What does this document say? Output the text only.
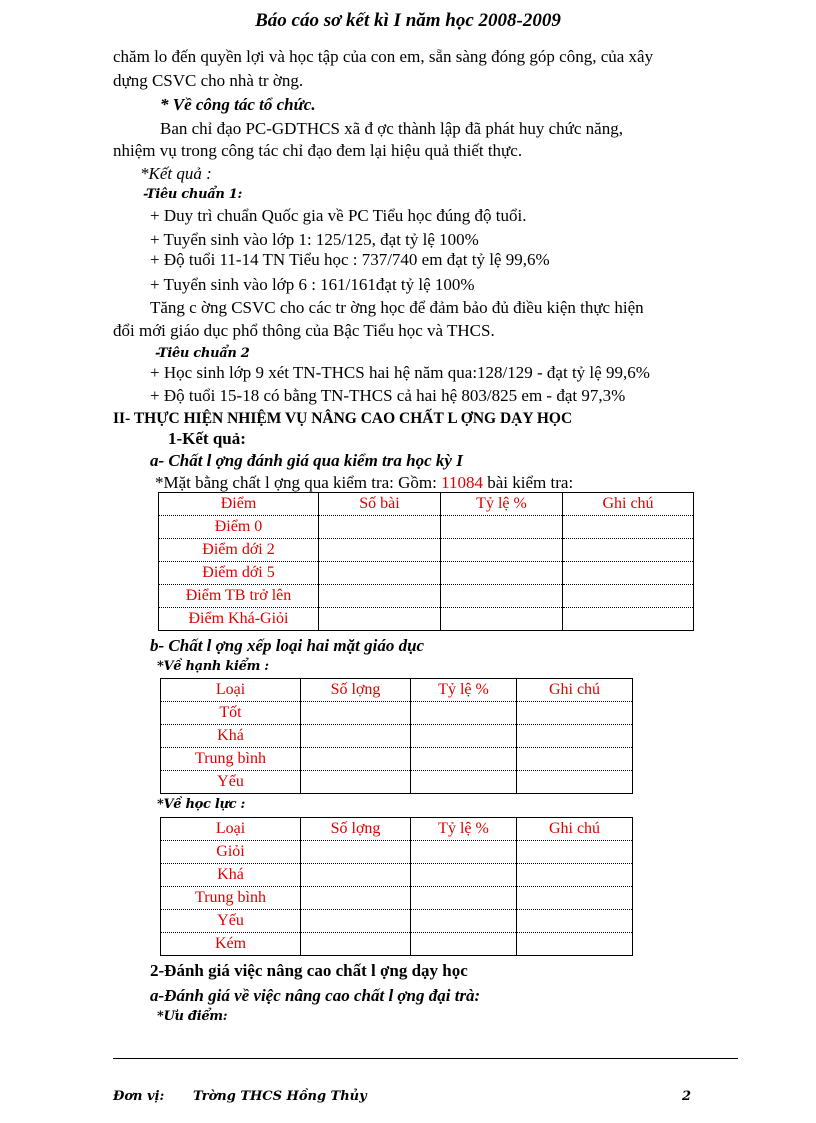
Báo cáo sơ kết kì I năm học 2008-2009
chăm lo đến quyền lợi và học tập của con em, sẵn sàng đóng góp công, của xây
dựng CSVC cho nhà tr ờng.
* Về công tác tổ chức.
Ban chỉ đạo PC-GDTHCS xã đ ợc thành lập đã phát huy chức năng,
nhiệm vụ trong công tác chỉ đạo đem lại hiệu quả thiết thực.
*Kết quả :
-Tiêu chuẩn 1:
+ Duy trì chuẩn Quốc gia về PC Tiểu học đúng độ tuổi.
+ Tuyển sinh vào lớp 1: 125/125, đạt tỷ lệ 100%
+ Độ tuổi 11-14 TN Tiểu học : 737/740 em đạt tỷ lệ 99,6%
+ Tuyển sinh vào lớp 6 : 161/161đạt tỷ lệ 100%
Tăng c ờng CSVC cho các tr ờng học để đảm bảo đủ điều kiện thực hiện
đổi mới giáo dục phổ thông của Bậc Tiểu học và THCS.
-Tiêu chuẩn 2
+ Học sinh lớp 9 xét TN-THCS hai hệ năm qua:128/129 - đạt tỷ lệ 99,6%
+ Độ tuổi 15-18 có bằng TN-THCS cả hai hệ 803/825 em - đạt 97,3%
II- THỰC HIỆN NHIỆM VỤ NÂNG CAO CHẤT L ỢNG DẠY HỌC
1-Kết quả:
a- Chất l ợng đánh giá qua kiểm tra học kỳ I
*Mặt bằng chất l ợng qua kiểm tra: Gồm: 11084 bài kiểm tra:
Điểm	Số bài	Tỷ lệ %	Ghi chú
Điểm 0			
Điểm dới 2			
Điểm dới 5			
Điểm TB trở lên			
Điểm Khá-Giỏi			
b- Chất l ợng xếp loại hai mặt giáo dục
*Về hạnh kiểm :
Loại	Số lợng	Tỷ lệ %	Ghi chú
Tốt			
Khá			
Trung bình			
Yếu			
*Về học lực :
Loại	Số lợng	Tỷ lệ %	Ghi chú
Giỏi			
Khá			
Trung bình			
Yếu			
Kém			
2-Đánh giá việc nâng cao chất l ợng dạy học
a-Đánh giá về việc nâng cao chất l ợng đại trà:
*Ưu điểm:
Đơn vị: Trờng THCS Hồng Thủy	2
